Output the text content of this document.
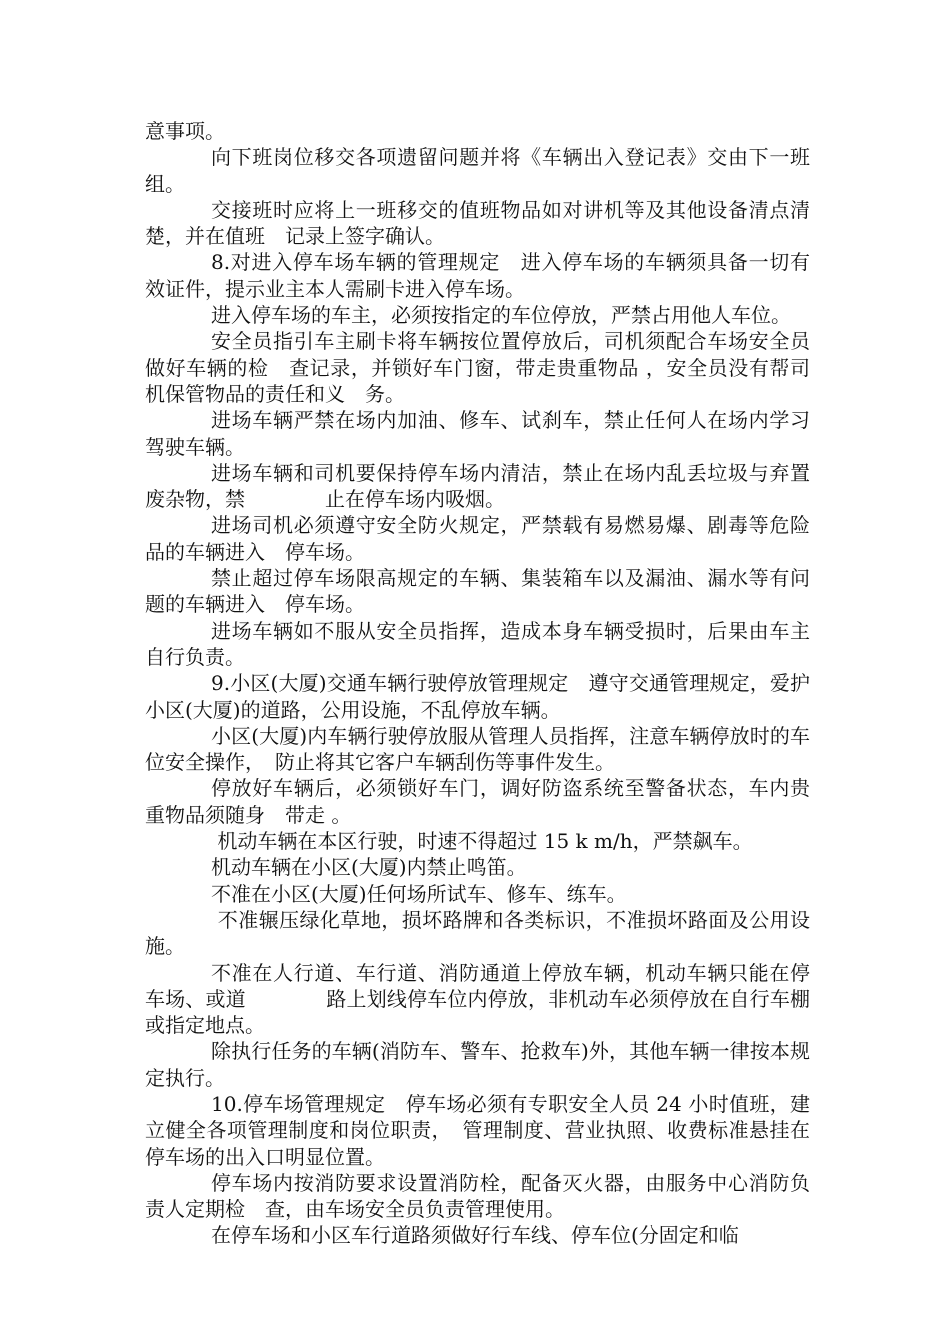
意事项。

向下班岗位移交各项遗留问题并将《车辆出入登记表》交由下一班组。

交接班时应将上一班移交的值班物品如对讲机等及其他设备清点清楚，并在值班　记录上签字确认。

8.对进入停车场车辆的管理规定　进入停车场的车辆须具备一切有效证件，提示业主本人需刷卡进入停车场。

进入停车场的车主，必须按指定的车位停放，严禁占用他人车位。

安全员指引车主刷卡将车辆按位置停放后，司机须配合车场安全员做好车辆的检　查记录，并锁好车门窗，带走贵重物品 ，安全员没有帮司机保管物品的责任和义　务。

进场车辆严禁在场内加油、修车、试刹车，禁止任何人在场内学习驾驶车辆。

进场车辆和司机要保持停车场内清洁，禁止在场内乱丢垃圾与弃置废杂物，禁　　　　止在停车场内吸烟。

进场司机必须遵守安全防火规定，严禁载有易燃易爆、剧毒等危险品的车辆进入　停车场。

禁止超过停车场限高规定的车辆、集装箱车以及漏油、漏水等有问题的车辆进入　停车场。

进场车辆如不服从安全员指挥，造成本身车辆受损时，后果由车主自行负责。

9.小区(大厦)交通车辆行驶停放管理规定　遵守交通管理规定，爱护小区(大厦)的道路，公用设施，不乱停放车辆。

小区(大厦)内车辆行驶停放服从管理人员指挥，注意车辆停放时的车位安全操作，　防止将其它客户车辆刮伤等事件发生。

停放好车辆后，必须锁好车门，调好防盗系统至警备状态，车内贵重物品须随身　带走 。

机动车辆在本区行驶，时速不得超过 15 k m/h，严禁飙车。

机动车辆在小区(大厦)内禁止鸣笛。

不准在小区(大厦)任何场所试车、修车、练车。

不准辗压绿化草地，损坏路牌和各类标识，不准损坏路面及公用设施。

不准在人行道、车行道、消防通道上停放车辆，机动车辆只能在停车场、或道　　　　路上划线停车位内停放，非机动车必须停放在自行车棚或指定地点。

除执行任务的车辆(消防车、警车、抢救车)外，其他车辆一律按本规定执行。

10.停车场管理规定　停车场必须有专职安全人员 24 小时值班，建立健全各项管理制度和岗位职责，　管理制度、营业执照、收费标准悬挂在停车场的出入口明显位置。

停车场内按消防要求设置消防栓，配备灭火器，由服务中心消防负责人定期检　查，由车场安全员负责管理使用。

在停车场和小区车行道路须做好行车线、停车位(分固定和临
